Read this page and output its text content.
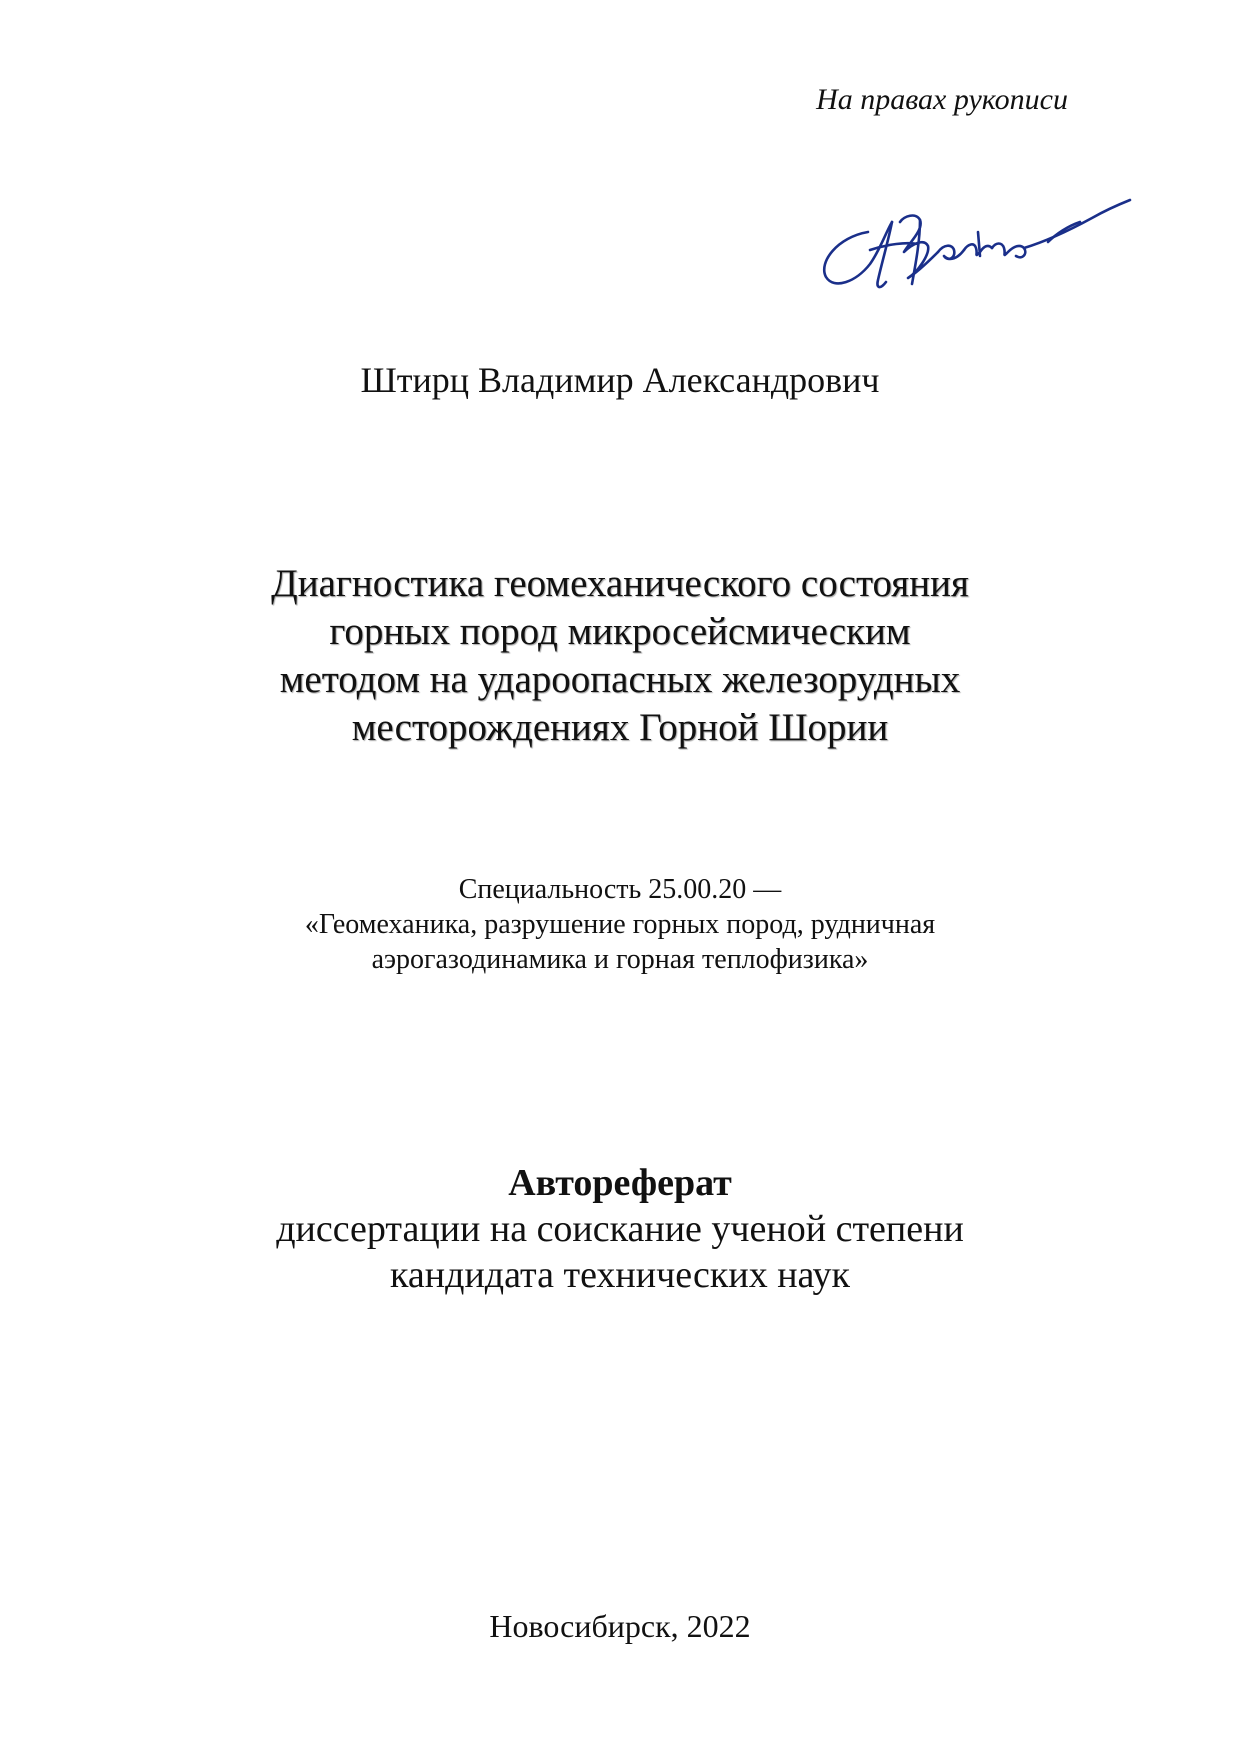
На правах рукописи
Штирц Владимир Александрович
Диагностика геомеханического состояния
горных пород микросейсмическим
методом на удароопасных железорудных
месторождениях Горной Шории
Специальность 25.00.20 —
«Геомеханика, разрушение горных пород, рудничная
аэрогазодинамика и горная теплофизика»
Автореферат
диссертации на соискание ученой степени
кандидата технических наук
Новосибирск, 2022
